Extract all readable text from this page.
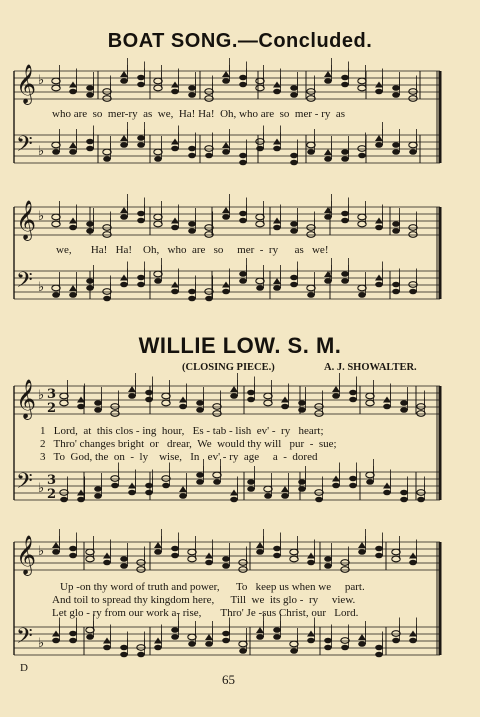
BOAT SONG.—Concluded.
𝄞
𝄢
♭
♭
𝄞
𝄢
♭
♭
𝄞
𝄢
♭
♭
3
2
3
2
𝄞
𝄢
♭
♭
who are  so  mer-ry  as  we,  Ha! Ha!  Oh, who are  so  mer - ry  as
we,       Ha!   Ha!    Oh,   who  are   so     mer  -  ry      as   we!
WILLIE LOW. S. M.
(CLOSING PIECE.)	A. J. SHOWALTER.
1   Lord,  at  this clos - ing  hour,   Es - tab - lish  ev' -  ry   heart;
2   Thro' changes bright  or   drear,  We  would thy will   pur  -  sue;
3   To  God, the  on  -  ly    wise,   In   ev' - ry  age     a  -  dored
Up -on thy word of truth and power,      To   keep us when we     part.
And toil to spread thy kingdom here,      Till  we  its glo -  ry     view.
Let glo - ry from our work a- rise,       Thro' Je -sus Christ, our   Lord.
D
65
